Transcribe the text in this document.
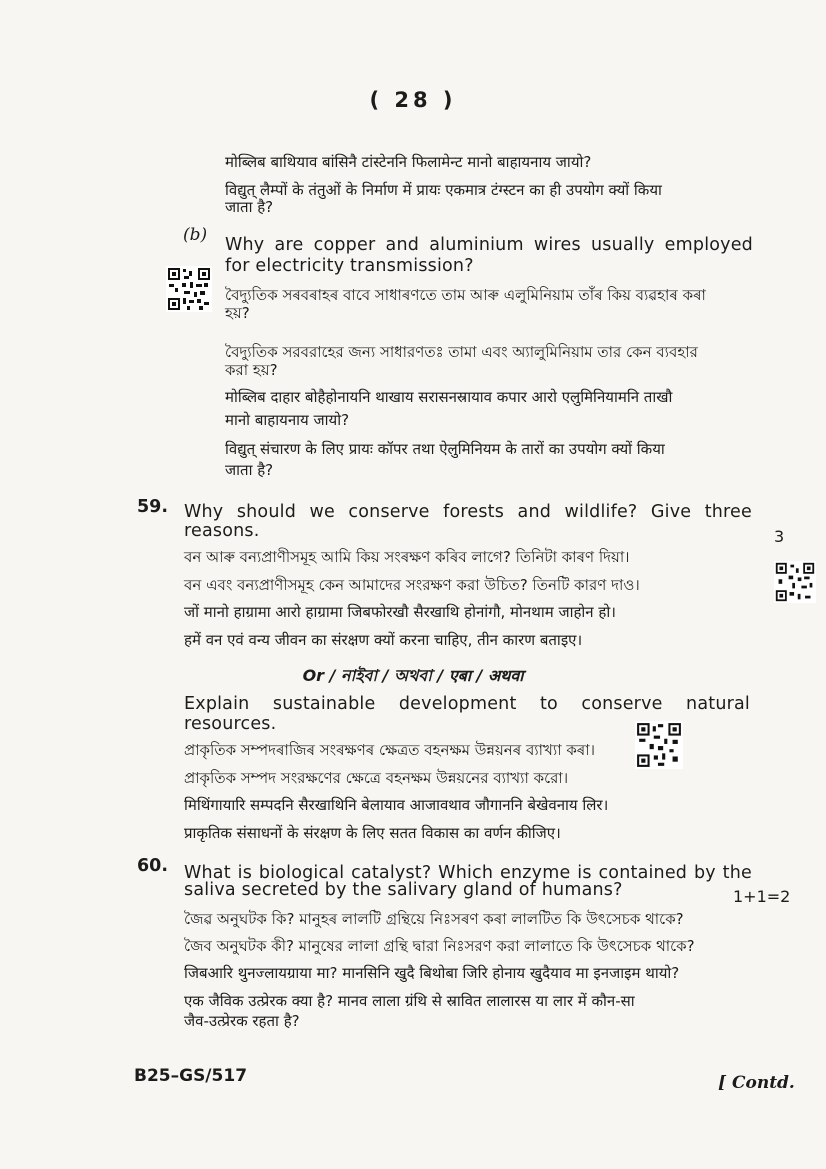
( 28 )
मोब्लिब बाथियाव बांसिनै टांस्टेननि फिलामेन्ट मानो बाहायनाय जायो?
विद्युत् लैम्पों के तंतुओं के निर्माण में प्रायः एकमात्र टंग्स्टन का ही उपयोग क्यों किया
जाता है?
(b) Why are copper and aluminium wires usually employed
for electricity transmission?
বৈদ্যুতিক সৰবৰাহৰ বাবে সাধাৰণতে তাম আৰু এলুমিনিয়াম তাঁৰ কিয় ব্যৱহাৰ কৰা
হয়?
বৈদ্যুতিক সরবরাহের জন্য সাধারণতঃ তামা এবং অ্যালুমিনিয়াম তার কেন ব্যবহার
করা হয়?
मोब्लिब दाहार बोहैहोनायनि थाखाय सरासनस्रायाव कपार आरो एलुमिनियामनि ताखौ
मानो बाहायनाय जायो?
विद्युत् संचारण के लिए प्रायः कॉपर तथा ऐलुमिनियम के तारों का उपयोग क्यों किया
जाता है?
59. Why should we conserve forests and wildlife? Give three
reasons.	3
বন আৰু বন্যপ্ৰাণীসমূহ আমি কিয় সংৰক্ষণ কৰিব লাগে? তিনিটা কাৰণ দিয়া।
বন এবং বন্যপ্রাণীসমূহ কেন আমাদের সংরক্ষণ করা উচিত? তিনটি কারণ দাও।
जों मानो हाग्रामा आरो हाग्रामा जिबफोरखौ सैरखाथि होनांगौ, मोनथाम जाहोन हो।
हमें वन एवं वन्य जीवन का संरक्षण क्यों करना चाहिए, तीन कारण बताइए।
Or / নাইবা / অথবা / एबा / अथवा
Explain sustainable development to conserve natural
resources.
প্ৰাকৃতিক সম্পদৰাজিৰ সংৰক্ষণৰ ক্ষেত্ৰত বহনক্ষম উন্নয়নৰ ব্যাখ্যা কৰা।
প্রাকৃতিক সম্পদ সংরক্ষণের ক্ষেত্রে বহনক্ষম উন্নয়নের ব্যাখ্যা করো।
मिथिंगायारि सम्पदनि सैरखाथिनि बेलायाव आजावथाव जौगाननि बेखेवनाय लिर।
प्राकृतिक संसाधनों के संरक्षण के लिए सतत विकास का वर्णन कीजिए।
60. What is biological catalyst? Which enzyme is contained by the
saliva secreted by the salivary gland of humans?	1+1=2
জৈৱ অনুঘটক কি? মানুহৰ লালটি গ্ৰন্থিয়ে নিঃসৰণ কৰা লালটিত কি উৎসেচক থাকে?
জৈব অনুঘটক কী? মানুষের লালা গ্রন্থি দ্বারা নিঃসরণ করা লালাতে কি উৎসেচক থাকে?
जिबआरि थुनज्लायग्राया मा? मानसिनि खुदै बिथोबा जिरि होनाय खुदैयाव मा इनजाइम थायो?
एक जैविक उत्प्रेरक क्या है? मानव लाला ग्रंथि से स्रावित लालारस या लार में कौन-सा
जैव-उत्प्रेरक रहता है?
B25–GS/517	[ Contd.
